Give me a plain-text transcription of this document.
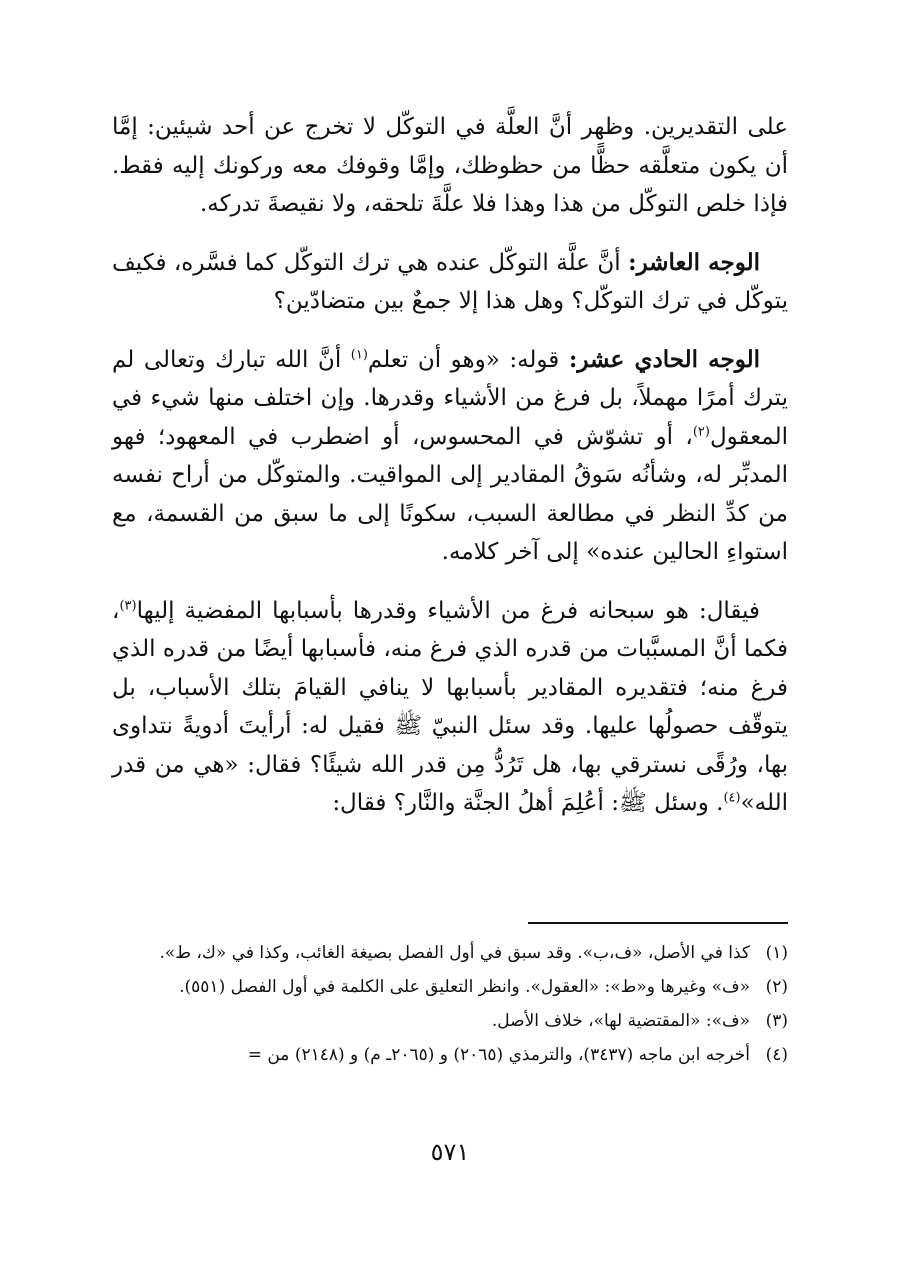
على التقديرين. وظهر أنَّ العلَّة في التوكّل لا تخرج عن أحد شيئين: إمَّا أن يكون متعلَّقه حظًّا من حظوظك، وإمَّا وقوفك معه وركونك إليه فقط. فإذا خلص التوكّل من هذا وهذا فلا علَّةَ تلحقه، ولا نقيصةَ تدركه.

الوجه العاشر: أنَّ علَّة التوكّل عنده هي ترك التوكّل كما فسَّره، فكيف يتوكّل في ترك التوكّل؟ وهل هذا إلا جمعٌ بين متضادّين؟

الوجه الحادي عشر: قوله: «وهو أن تعلم$^{(١)}$ أنَّ الله تبارك وتعالى لم يترك أمرًا مهملاً، بل فرغ من الأشياء وقدرها. وإن اختلف منها شيء في المعقول$^{(٢)}$، أو تشوّش في المحسوس، أو اضطرب في المعهود؛ فهو المدبِّر له، وشأنُه سَوقُ المقادير إلى المواقيت. والمتوكّل من أراح نفسه من كدِّ النظر في مطالعة السبب، سكونًا إلى ما سبق من القسمة، مع استواءِ الحالين عنده» إلى آخر كلامه.

فيقال: هو سبحانه فرغ من الأشياء وقدرها بأسبابها المفضية إليها$^{(٣)}$، فكما أنَّ المسبَّبات من قدره الذي فرغ منه، فأسبابها أيضًا من قدره الذي فرغ منه؛ فتقديره المقادير بأسبابها لا ينافي القيامَ بتلك الأسباب، بل يتوقّف حصولُها عليها. وقد سئل النبيّ ﷺ فقيل له: أرأيتَ أدويةً نتداوى بها، ورُقًى نسترقي بها، هل تَرُدُّ مِن قدر الله شيئًا؟ فقال: «هي من قدر الله»$^{(٤)}$. وسئل ﷺ: أعُلِمَ أهلُ الجنَّة والنَّار؟ فقال:

(١)
كذا في الأصل، «ف،ب». وقد سبق في أول الفصل بصيغة الغائب، وكذا في «ك، ط».
(٢)
«ف» وغيرها و«ط»: «العقول». وانظر التعليق على الكلمة في أول الفصل (٥٥١).
(٣)
«ف»: «المقتضية لها»، خلاف الأصل.
(٤)
أخرجه ابن ماجه (٣٤٣٧)، والترمذي (٢٠٦٥) و (٢٠٦٥ـ م) و (٢١٤٨) من =
٥٧١
